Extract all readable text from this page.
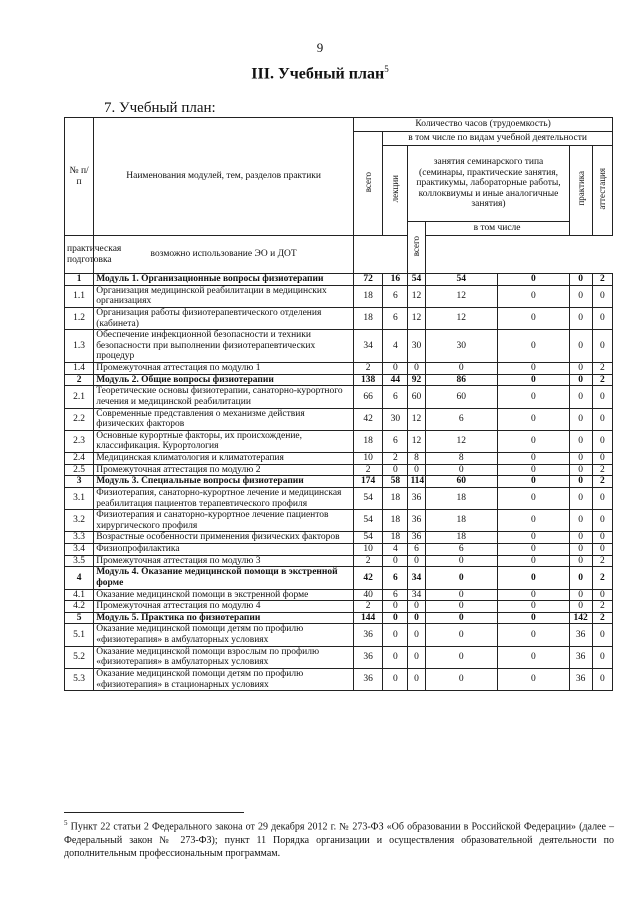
9
III. Учебный план$^5$
7. Учебный план:
№ п/п	Наименования модулей, тем, разделов практики	Количество часов (трудоемкость)						
		всего	в том числе по видам учебной деятельности					
			лекции	занятия семинарского типа (семинары, практические занятия, практикумы, лабораторные работы, коллоквиумы и иные аналогичные занятия)			практика	аттестация
				всего	в том числе			
практическая подготовка	возможно использование ЭО и ДОТ							
1	Модуль 1. Организационные вопросы физиотерапии	72	16	54	54	0	0	2
1.1	Организация медицинской реабилитации в медицинских организациях	18	6	12	12	0	0	0
1.2	Организация работы физиотерапевтического отделения (кабинета)	18	6	12	12	0	0	0
1.3	Обеспечение инфекционной безопасности и техники безопасности при выполнении физиотерапевтических процедур	34	4	30	30	0	0	0
1.4	Промежуточная аттестация по модулю 1	2	0	0	0	0	0	2
2	Модуль 2. Общие вопросы физиотерапии	138	44	92	86	0	0	2
2.1	Теоретические основы физиотерапии, санаторно-курортного лечения и медицинской реабилитации	66	6	60	60	0	0	0
2.2	Современные представления о механизме действия физических факторов	42	30	12	6	0	0	0
2.3	Основные курортные факторы, их происхождение, классификация. Курортология	18	6	12	12	0	0	0
2.4	Медицинская климатология и климатотерапия	10	2	8	8	0	0	0
2.5	Промежуточная аттестация по модулю 2	2	0	0	0	0	0	2
3	Модуль 3. Специальные вопросы физиотерапии	174	58	114	60	0	0	2
3.1	Физиотерапия, санаторно-курортное лечение и медицинская реабилитация пациентов терапевтического профиля	54	18	36	18	0	0	0
3.2	Физиотерапия и санаторно-курортное лечение пациентов хирургического профиля	54	18	36	18	0	0	0
3.3	Возрастные особенности применения физических факторов	54	18	36	18	0	0	0
3.4	Физиопрофилактика	10	4	6	6	0	0	0
3.5	Промежуточная аттестация по модулю 3	2	0	0	0	0	0	2
4	Модуль 4. Оказание медицинской помощи в экстренной форме	42	6	34	0	0	0	2
4.1	Оказание медицинской помощи в экстренной форме	40	6	34	0	0	0	0
4.2	Промежуточная аттестация по модулю 4	2	0	0	0	0	0	2
5	Модуль 5. Практика по физиотерапии	144	0	0	0	0	142	2
5.1	Оказание медицинской помощи детям по профилю «физиотерапия» в амбулаторных условиях	36	0	0	0	0	36	0
5.2	Оказание медицинской помощи взрослым по профилю «физиотерапия» в амбулаторных условиях	36	0	0	0	0	36	0
5.3	Оказание медицинской помощи детям по профилю «физиотерапия» в стационарных условиях	36	0	0	0	0	36	0
$^5$ Пункт 22 статьи 2 Федерального закона от 29 декабря 2012 г. № 273-ФЗ «Об образовании в Российской Федерации» (далее – Федеральный закон № 273-ФЗ); пункт 11 Порядка организации и осуществления образовательной деятельности по дополнительным профессиональным программам.
